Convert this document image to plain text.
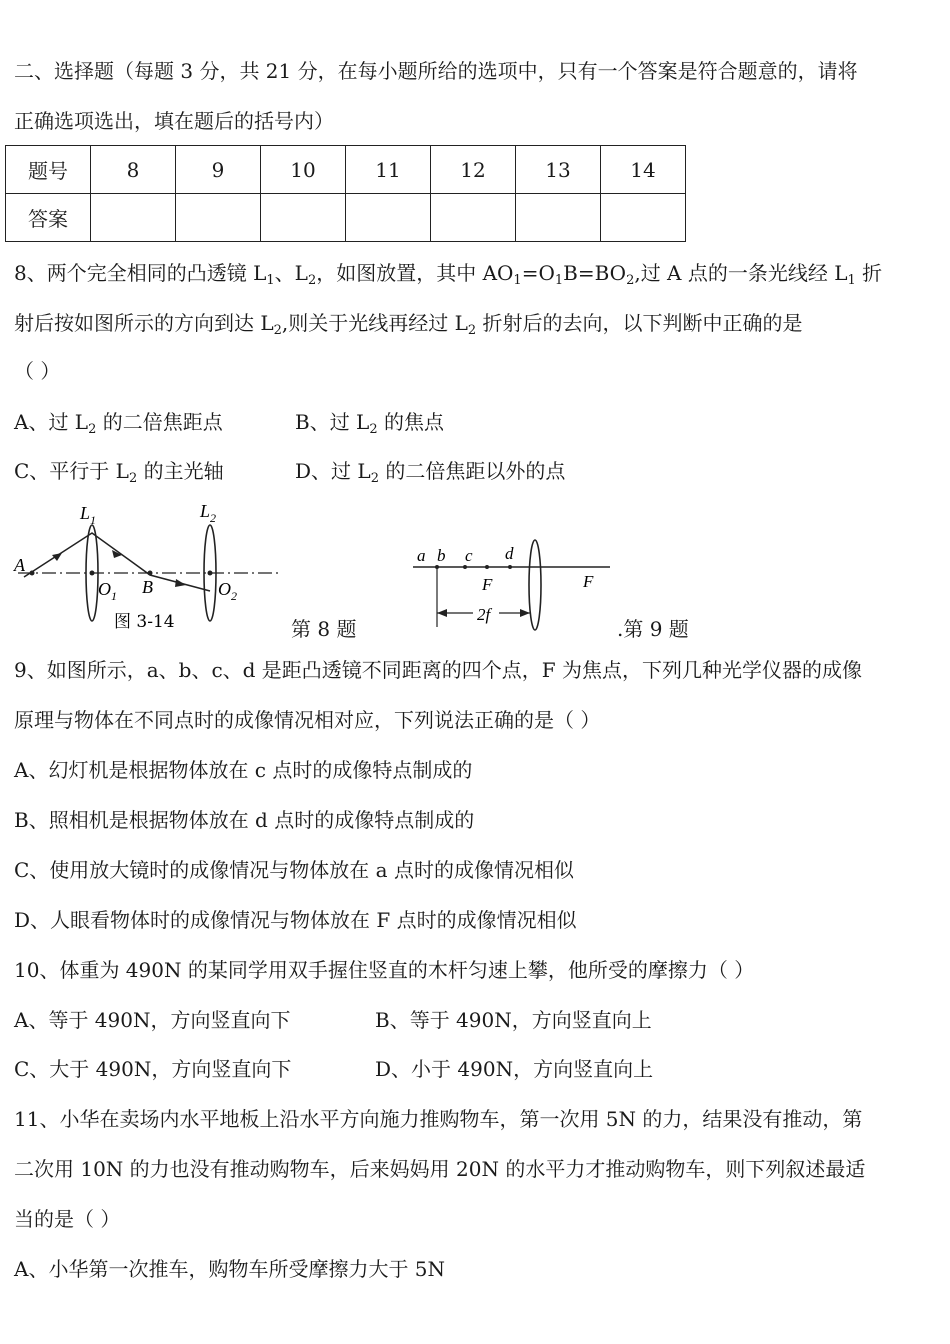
二、选择题（每题 3 分，共 21 分，在每小题所给的选项中，只有一个答案是符合题意的，请将
正确选项选出，填在题后的括号内）
题号	8	9	10	11	12	13	14
答案							
8、两个完全相同的凸透镜 $L_1$、$L_2$，如图放置，其中 $AO_1=O_1B=BO_2$,过 A 点的一条光线经 $L_1$ 折
射后按如图所示的方向到达 $L_2$,则关于光线再经过 $L_2$ 折射后的去向，以下判断中正确的是
（ ）
A、过 $L_2$ 的二倍焦距点	B、过 $L_2$ 的焦点
C、平行于 $L_2$ 的主光轴	D、过 $L_2$ 的二倍焦距以外的点
A
$L_1$	$L_2$
$O_1$ B	$O_2$
图 3-14	第 8 题
a b c d
F	F
2f
.第 9 题
9、如图所示，a、b、c、d 是距凸透镜不同距离的四个点，F 为焦点，下列几种光学仪器的成像
原理与物体在不同点时的成像情况相对应，下列说法正确的是（ ）
A、幻灯机是根据物体放在 c 点时的成像特点制成的
B、照相机是根据物体放在 d 点时的成像特点制成的
C、使用放大镜时的成像情况与物体放在 a 点时的成像情况相似
D、人眼看物体时的成像情况与物体放在 F 点时的成像情况相似
10、体重为 490N 的某同学用双手握住竖直的木杆匀速上攀，他所受的摩擦力（ ）
A、等于 490N，方向竖直向下	B、等于 490N，方向竖直向上
C、大于 490N，方向竖直向下	D、小于 490N，方向竖直向上
11、小华在卖场内水平地板上沿水平方向施力推购物车，第一次用 5N 的力，结果没有推动，第
二次用 10N 的力也没有推动购物车，后来妈妈用 20N 的水平力才推动购物车，则下列叙述最适
当的是（ ）
A、小华第一次推车，购物车所受摩擦力大于 5N
